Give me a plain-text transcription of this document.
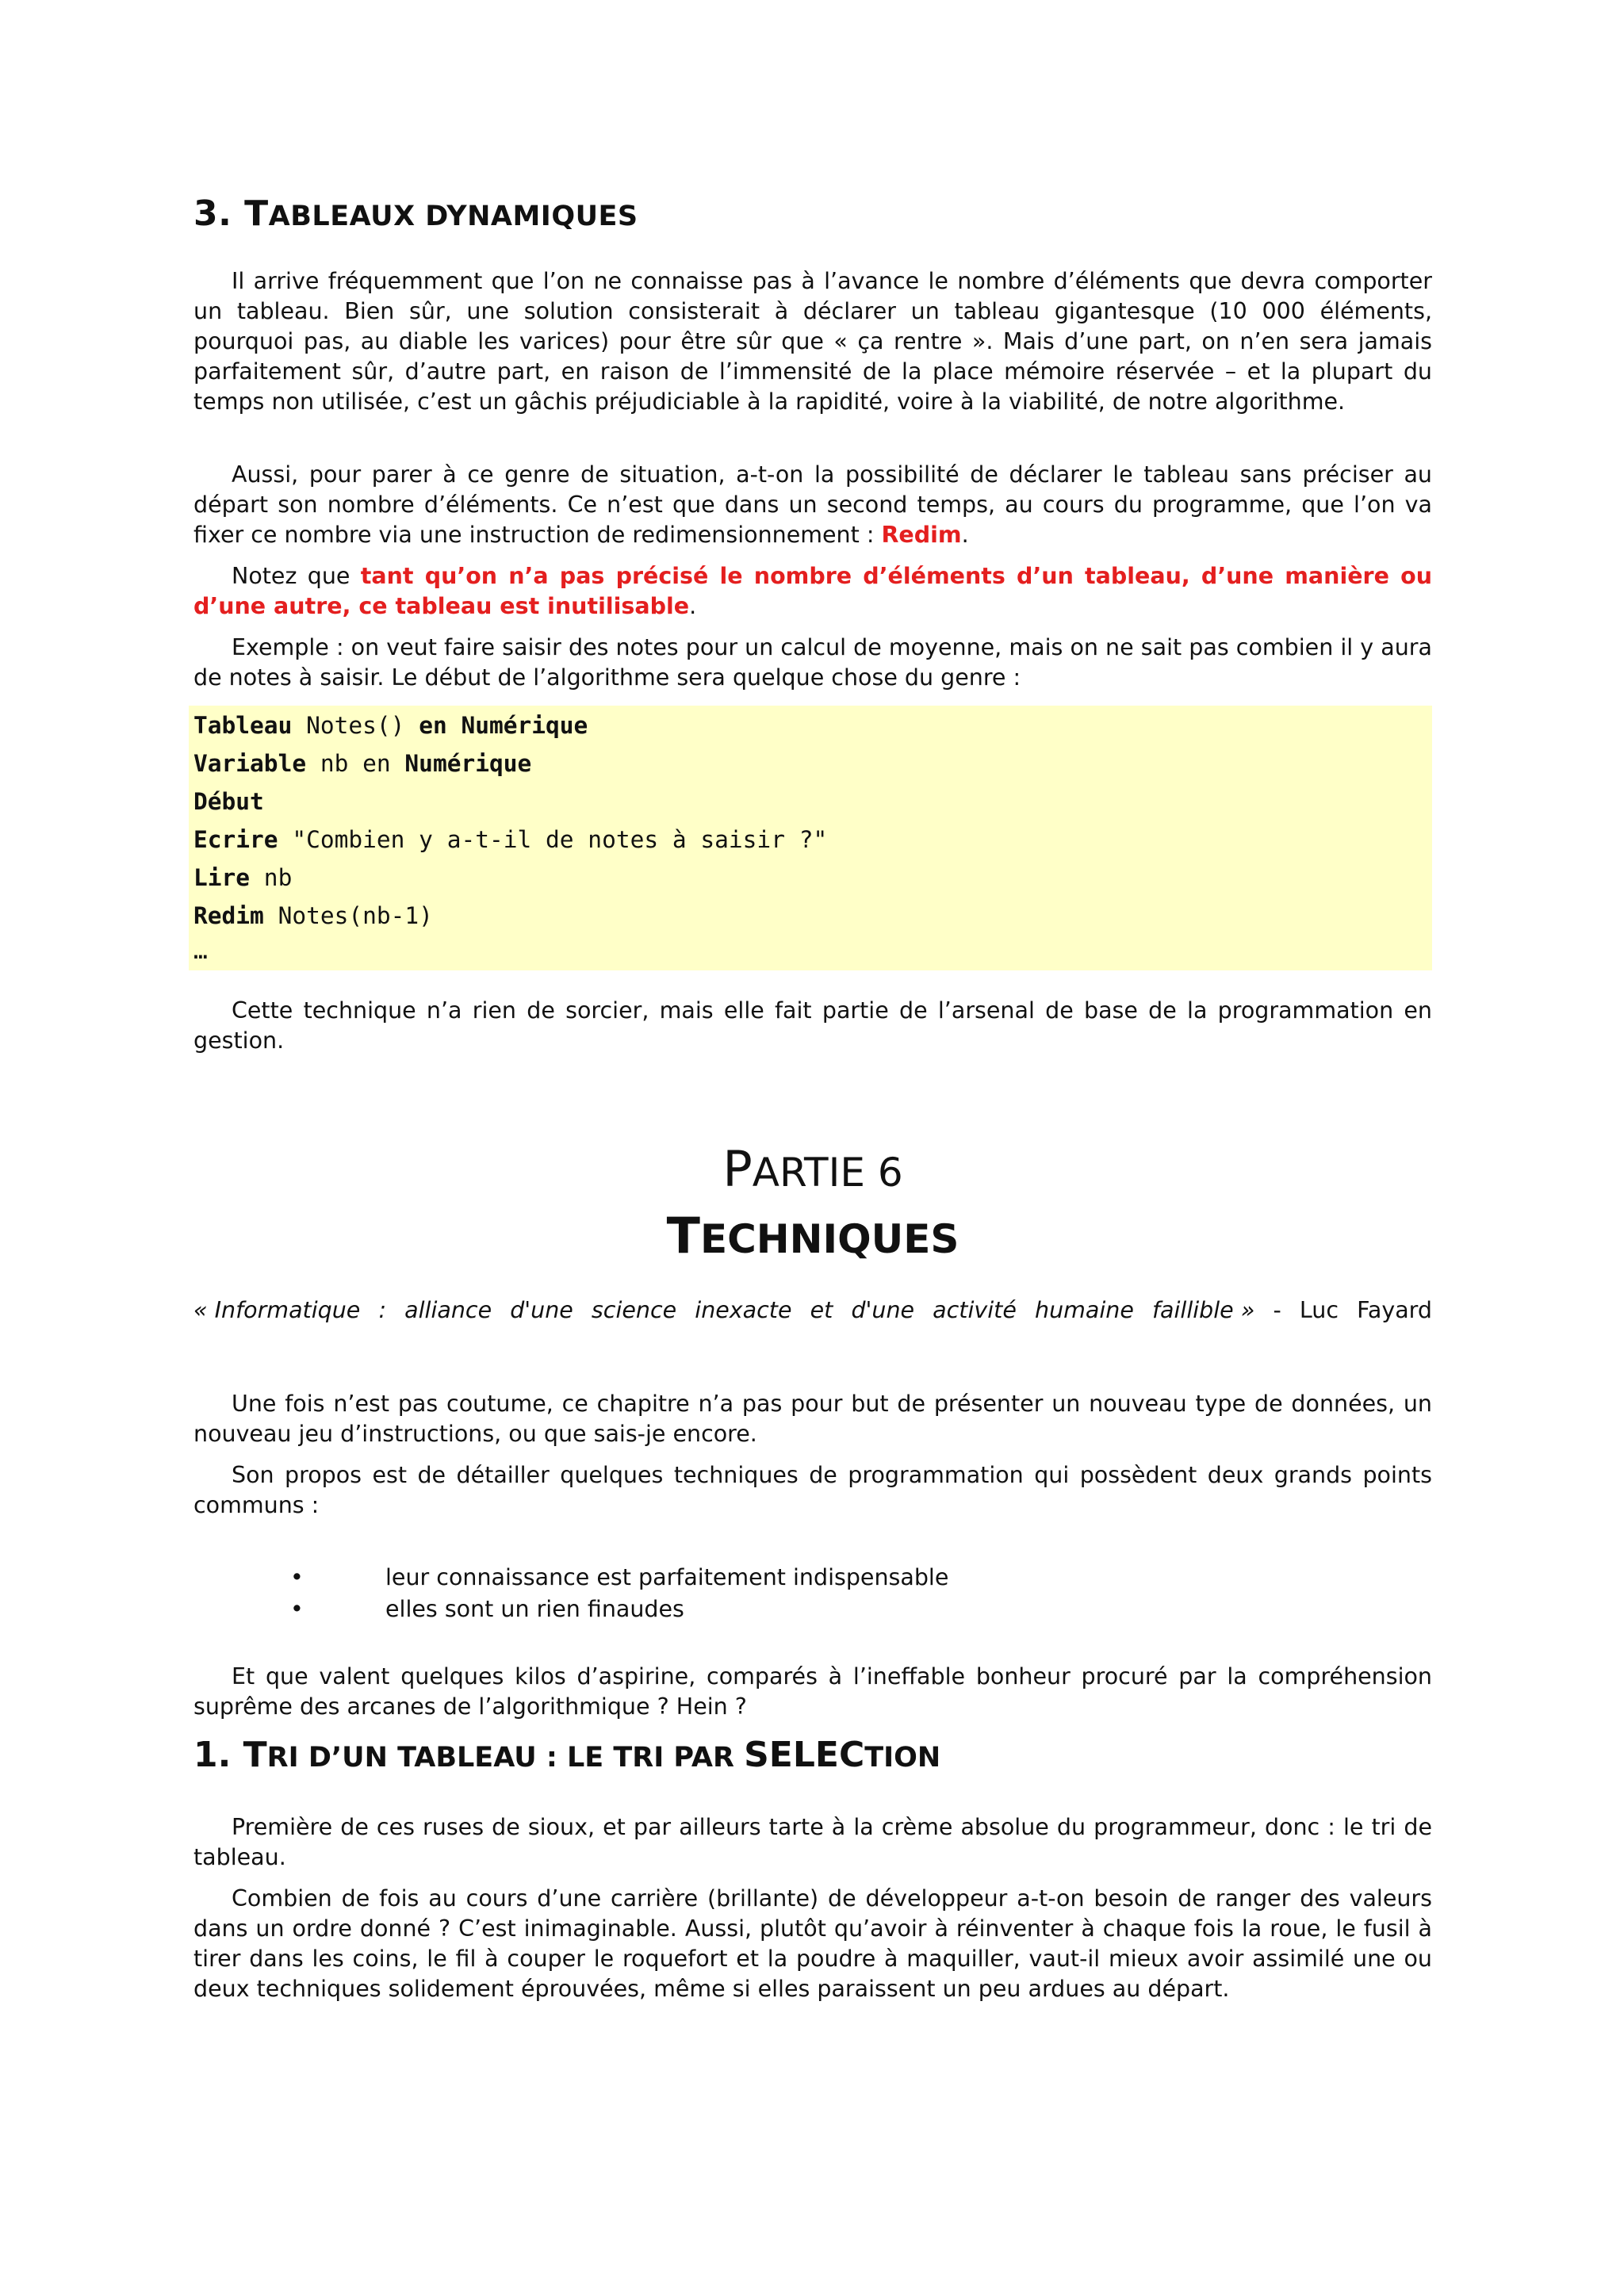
3. TABLEAUX DYNAMIQUES

Il arrive fréquemment que l’on ne connaisse pas à l’avance le nombre d’éléments que devra comporter un tableau. Bien sûr, une solution consisterait à déclarer un tableau gigantesque (10 000 éléments, pourquoi pas, au diable les varices) pour être sûr que « ça rentre ». Mais d’une part, on n’en sera jamais parfaitement sûr, d’autre part, en raison de l’immensité de la place mémoire réservée – et la plupart du temps non utilisée, c’est un gâchis préjudiciable à la rapidité, voire à la viabilité, de notre algorithme.

Aussi, pour parer à ce genre de situation, a-t-on la possibilité de déclarer le tableau sans préciser au départ son nombre d’éléments. Ce n’est que dans un second temps, au cours du programme, que l’on va fixer ce nombre via une instruction de redimensionnement : Redim.

Notez que tant qu’on n’a pas précisé le nombre d’éléments d’un tableau, d’une manière ou d’une autre, ce tableau est inutilisable.

Exemple : on veut faire saisir des notes pour un calcul de moyenne, mais on ne sait pas combien il y aura de notes à saisir. Le début de l’algorithme sera quelque chose du genre :

Tableau Notes() en Numérique
Variable nb en Numérique
Début
Ecrire "Combien y a-t-il de notes à saisir ?"
Lire nb
Redim Notes(nb-1)
…

Cette technique n’a rien de sorcier, mais elle fait partie de l’arsenal de base de la programmation en gestion.

PARTIE 6
TECHNIQUES
« Informatique : alliance d'une science inexacte et d'une activité humaine faillible » - Luc Fayard

Une fois n’est pas coutume, ce chapitre n’a pas pour but de présenter un nouveau type de données, un nouveau jeu d’instructions, ou que sais-je encore.

Son propos est de détailler quelques techniques de programmation qui possèdent deux grands points communs :

•	leur connaissance est parfaitement indispensable
•	elles sont un rien finaudes

Et que valent quelques kilos d’aspirine, comparés à l’ineffable bonheur procuré par la compréhension suprême des arcanes de l’algorithmique ? Hein ?

1. TRI D’UN TABLEAU : LE TRI PAR SELECTION

Première de ces ruses de sioux, et par ailleurs tarte à la crème absolue du programmeur, donc : le tri de tableau.

Combien de fois au cours d’une carrière (brillante) de développeur a-t-on besoin de ranger des valeurs dans un ordre donné ? C’est inimaginable. Aussi, plutôt qu’avoir à réinventer à chaque fois la roue, le fusil à tirer dans les coins, le fil à couper le roquefort et la poudre à maquiller, vaut-il mieux avoir assimilé une ou deux techniques solidement éprouvées, même si elles paraissent un peu ardues au départ.
